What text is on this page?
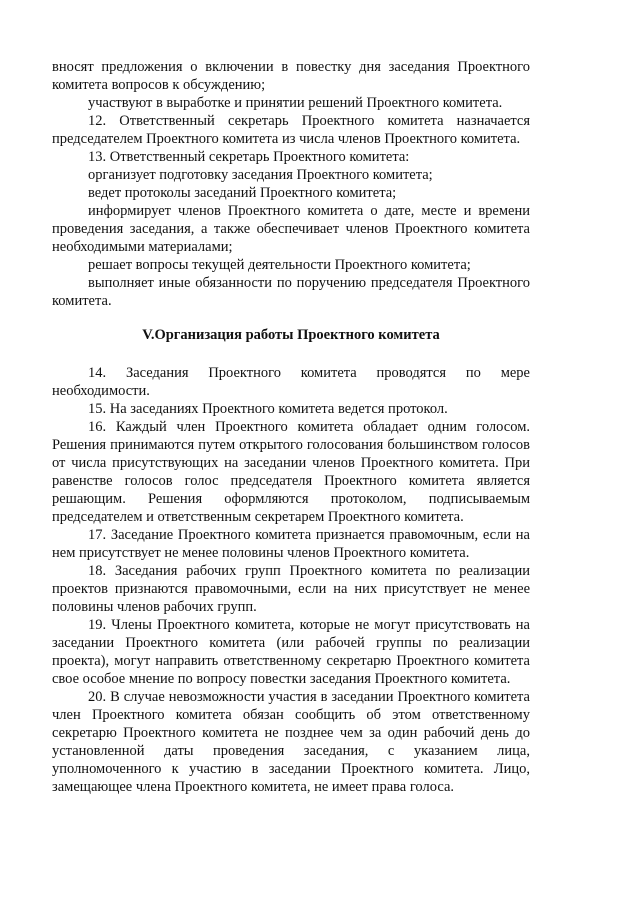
вносят предложения о включении в повестку дня заседания Проектного комитета вопросов к обсуждению;

участвуют в выработке и принятии решений Проектного комитета.

12. Ответственный секретарь Проектного комитета назначается председателем Проектного комитета из числа членов Проектного комитета.

13. Ответственный секретарь Проектного комитета:

организует подготовку заседания Проектного комитета;

ведет протоколы заседаний Проектного комитета;

информирует членов Проектного комитета о дате, месте и времени проведения заседания, а также обеспечивает членов Проектного комитета необходимыми материалами;

решает вопросы текущей деятельности Проектного комитета;

выполняет иные обязанности по поручению председателя Проектного комитета.

V.Организация работы Проектного комитета

14. Заседания Проектного комитета проводятся по мере необходимости.

15. На заседаниях Проектного комитета ведется протокол.

16. Каждый член Проектного комитета обладает одним голосом. Решения принимаются путем открытого голосования большинством голосов от числа присутствующих на заседании членов Проектного комитета. При равенстве голосов голос председателя Проектного комитета является решающим. Решения оформляются протоколом, подписываемым председателем и ответственным секретарем Проектного комитета.

17. Заседание Проектного комитета признается правомочным, если на нем присутствует не менее половины членов Проектного комитета.

18. Заседания рабочих групп Проектного комитета по реализации проектов признаются правомочными, если на них присутствует не менее половины членов рабочих групп.

19. Члены Проектного комитета, которые не могут присутствовать на заседании Проектного комитета (или рабочей группы по реализации проекта), могут направить ответственному секретарю Проектного комитета свое особое мнение по вопросу повестки заседания Проектного комитета.

20. В случае невозможности участия в заседании Проектного комитета член Проектного комитета обязан сообщить об этом ответственному секретарю Проектного комитета не позднее чем за один рабочий день до установленной даты проведения заседания, с указанием лица, уполномоченного к участию в заседании Проектного комитета. Лицо, замещающее члена Проектного комитета, не имеет права голоса.
